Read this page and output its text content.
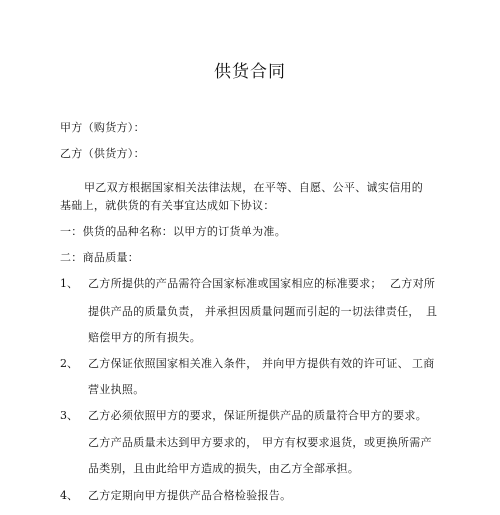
供货合同
甲方（购货方）：
乙方（供货方）：
甲乙双方根据国家相关法律法规，在平等、自愿、公平、诚实信用的
基础上，就供货的有关事宜达成如下协议：
一：供货的品种名称：以甲方的订货单为准。
二：商品质量：
1、 乙方所提供的产品需符合国家标准或国家相应的标准要求； 乙方对所
提供产品的质量负责， 并承担因质量问题而引起的一切法律责任， 且
赔偿甲方的所有损失。
2、 乙方保证依照国家相关准入条件， 并向甲方提供有效的许可证、 工商
营业执照。
3、 乙方必须依照甲方的要求，保证所提供产品的质量符合甲方的要求。
乙方产品质量未达到甲方要求的， 甲方有权要求退货， 或更换所需产
品类别，且由此给甲方造成的损失，由乙方全部承担。
4、 乙方定期向甲方提供产品合格检验报告。
